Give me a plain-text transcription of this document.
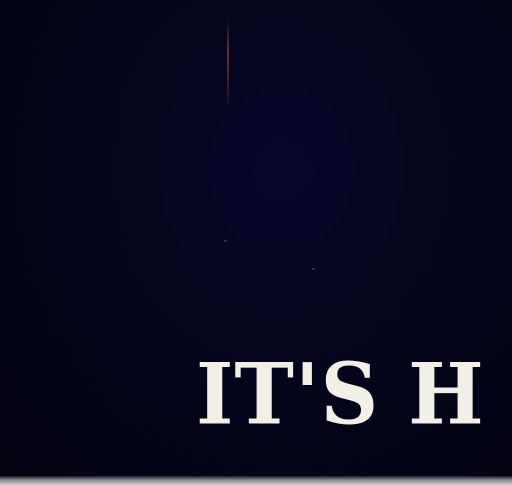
IT'S H
